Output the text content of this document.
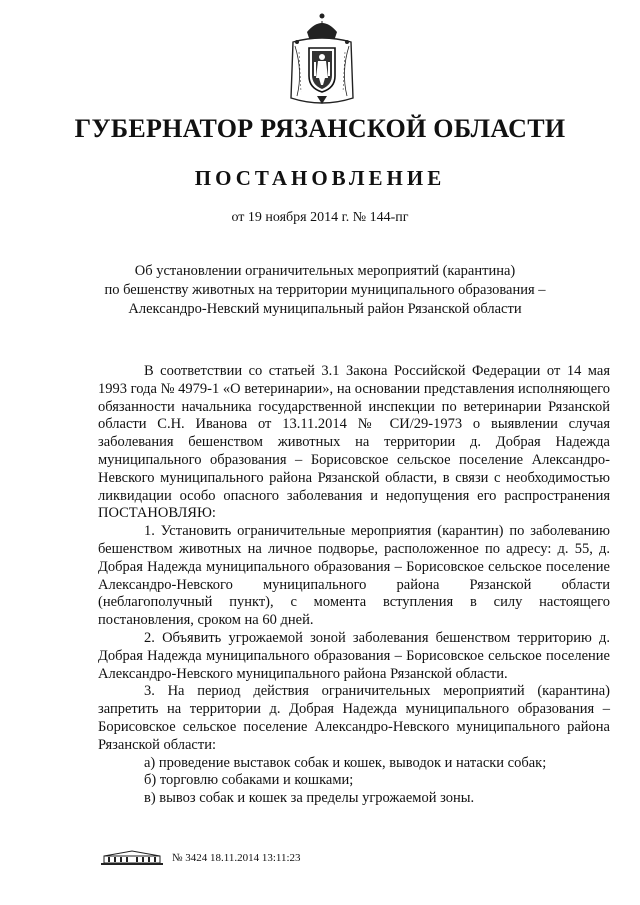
ГУБЕРНАТОР РЯЗАНСКОЙ ОБЛАСТИ
ПОСТАНОВЛЕНИЕ
от 19 ноября 2014 г. № 144-пг
Об установлении ограничительных мероприятий (карантина)
по бешенству животных на территории муниципального образования –
Александро-Невский муниципальный район Рязанской области

В соответствии со статьей 3.1 Закона Российской Федерации от 14 мая 1993 года № 4979-1 «О ветеринарии», на основании представления исполняющего обязанности начальника государственной инспекции по ветеринарии Рязанской области С.Н. Иванова от 13.11.2014 № СИ/29-1973 о выявлении случая заболевания бешенством животных на территории д. Добрая Надежда муниципального образования – Борисовское сельское поселение Александро-Невского муниципального района Рязанской области, в связи с необходимостью ликвидации особо опасного заболевания и недопущения его распространения ПОСТАНОВЛЯЮ:

1. Установить ограничительные мероприятия (карантин) по заболеванию бешенством животных на личное подворье, расположенное по адресу: д. 55, д. Добрая Надежда муниципального образования – Борисовское сельское поселение Александро-Невского муниципального района Рязанской области (неблагополучный пункт), с момента вступления в силу настоящего постановления, сроком на 60 дней.

2. Объявить угрожаемой зоной заболевания бешенством территорию д. Добрая Надежда муниципального образования – Борисовское сельское поселение Александро-Невского муниципального района Рязанской области.

3. На период действия ограничительных мероприятий (карантина) запретить на территории д. Добрая Надежда муниципального образования – Борисовское сельское поселение Александро-Невского муниципального района Рязанской области:

а) проведение выставок собак и кошек, выводок и натаски собак;

б) торговлю собаками и кошками;

в) вывоз собак и кошек за пределы угрожаемой зоны.

№ 3424 18.11.2014 13:11:23
